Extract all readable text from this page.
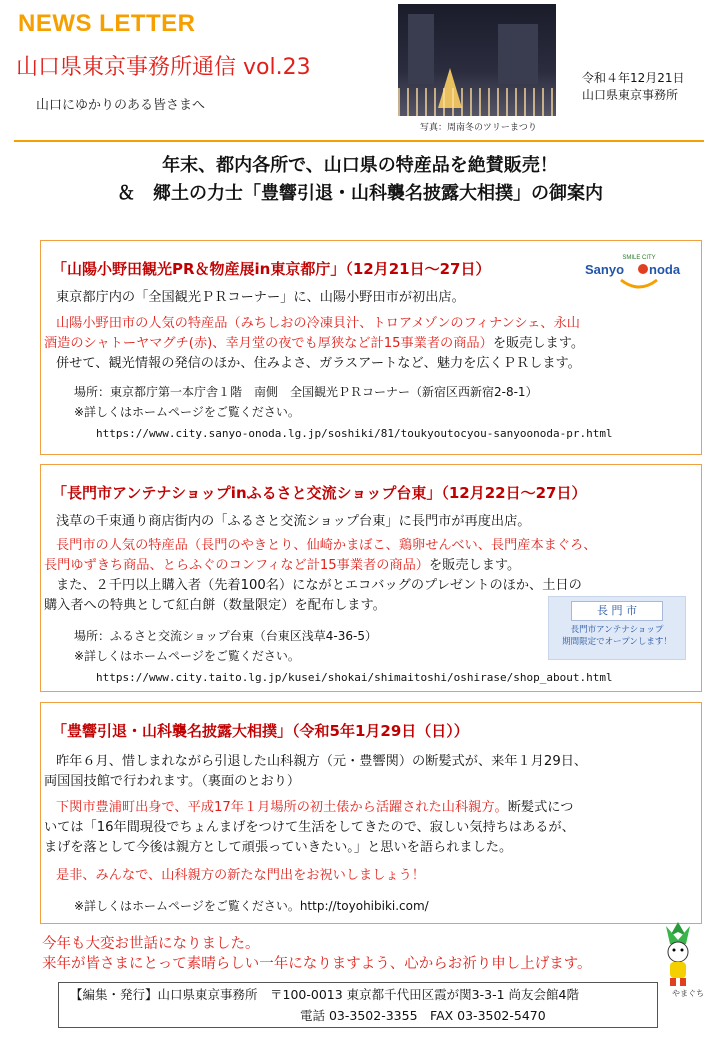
NEWS LETTER
山口県東京事務所通信 vol.23
山口にゆかりのある皆さまへ
写真：周南冬のツリーまつり
令和４年12月21日
山口県東京事務所
年末、都内各所で、山口県の特産品を絶賛販売！
＆　郷土の力士「豊響引退・山科襲名披露大相撲」の御案内
「山陽小野田観光PR＆物産展in東京都庁」（12月21日～27日）
SMILE CITY
Sanyo noda
東京都庁内の「全国観光ＰＲコーナー」に、山陽小野田市が初出店。
山陽小野田市の人気の特産品（みちしおの冷凍貝汁、トロアメゾンのフィナンシェ、永山
酒造のシャトーヤマグチ(赤)、幸月堂の夜でも厚狭など計15事業者の商品）を販売します。
併せて、観光情報の発信のほか、住みよさ、ガラスアートなど、魅力を広くＰＲします。
場所：東京都庁第一本庁舎１階　南側　全国観光ＰＲコーナー（新宿区西新宿2-8-1）
※詳しくはホームページをご覧ください。
https://www.city.sanyo-onoda.lg.jp/soshiki/81/toukyoutocyou-sanyoonoda-pr.html
「長門市アンテナショップinふるさと交流ショップ台東」（12月22日～27日）
浅草の千束通り商店街内の「ふるさと交流ショップ台東」に長門市が再度出店。
長門市の人気の特産品（長門のやきとり、仙崎かまぼこ、鶏卵せんべい、長門産本まぐろ、
長門ゆずきち商品、とらふぐのコンフィなど計15事業者の商品）を販売します。
また、２千円以上購入者（先着100名）にながとエコバッグのプレゼントのほか、土日の
購入者への特典として紅白餅（数量限定）を配布します。	長 門 市
長門市アンテナショップ
期間限定でオープンします！
場所：ふるさと交流ショップ台東（台東区浅草4-36-5）
※詳しくはホームページをご覧ください。
https://www.city.taito.lg.jp/kusei/shokai/shimaitoshi/oshirase/shop_about.html
「豊響引退・山科襲名披露大相撲」（令和5年1月29日（日））
昨年６月、惜しまれながら引退した山科親方（元・豊響関）の断髪式が、来年１月29日、
両国国技館で行われます。（裏面のとおり）
下関市豊浦町出身で、平成17年１月場所の初土俵から活躍された山科親方。断髪式につ
いては「16年間現役でちょんまげをつけて生活をしてきたので、寂しい気持ちはあるが、
まげを落として今後は親方として頑張っていきたい。」と思いを語られました。
是非、みんなで、山科親方の新たな門出をお祝いしましょう！
※詳しくはホームページをご覧ください。http://toyohibiki.com/
今年も大変お世話になりました。
来年が皆さまにとって素晴らしい一年になりますよう、心からお祈り申し上げます。
やまぐち
【編集・発行】山口県東京事務所　〒100-0013 東京都千代田区霞が関3-3-1 尚友会館4階
電話 03-3502-3355　FAX 03-3502-5470
